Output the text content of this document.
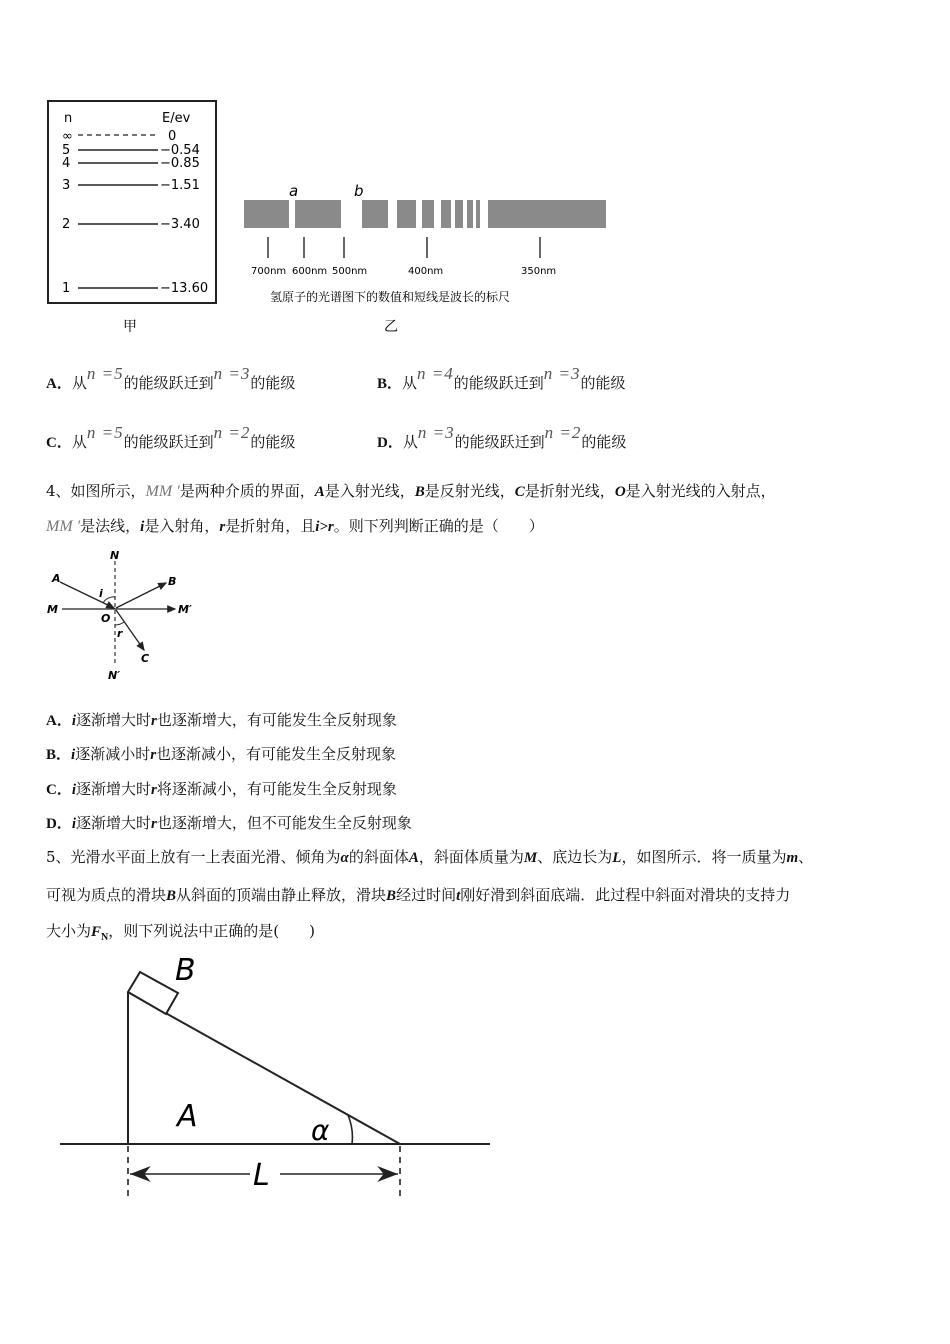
n	E/ev
∞	0
5	−0.54
4	−0.85
3	−1.51
2	−3.40
1	−13.60
甲
a	b
700nm 600nm 500nm	400nm	350nm
氢原子的光谱图下的数值和短线是波长的标尺
乙
A．从n =5的能级跃迁到n =3的能级	B．从n =4的能级跃迁到n =3的能级
C．从n =5的能级跃迁到n =2的能级	D．从n =3的能级跃迁到n =2的能级
4、如图所示，MM ′是两种介质的界面，A是入射光线，B是反射光线，C是折射光线，O是入射光线的入射点，
MM ′是法线，i是入射角，r是折射角，且i>r。则下列判断正确的是（　　）
N
N′
M	M′
A	B
C
O
i
r
A．i逐渐增大时r也逐渐增大，有可能发生全反射现象
B．i逐渐减小时r也逐渐减小，有可能发生全反射现象
C．i逐渐增大时r将逐渐减小，有可能发生全反射现象
D．i逐渐增大时r也逐渐增大，但不可能发生全反射现象
5、光滑水平面上放有一上表面光滑、倾角为α的斜面体A，斜面体质量为M、底边长为L，如图所示．将一质量为m、
可视为质点的滑块B从斜面的顶端由静止释放，滑块B经过时间t刚好滑到斜面底端．此过程中斜面对滑块的支持力
大小为$F_N$，则下列说法中正确的是(　　)
B
A	α
L
